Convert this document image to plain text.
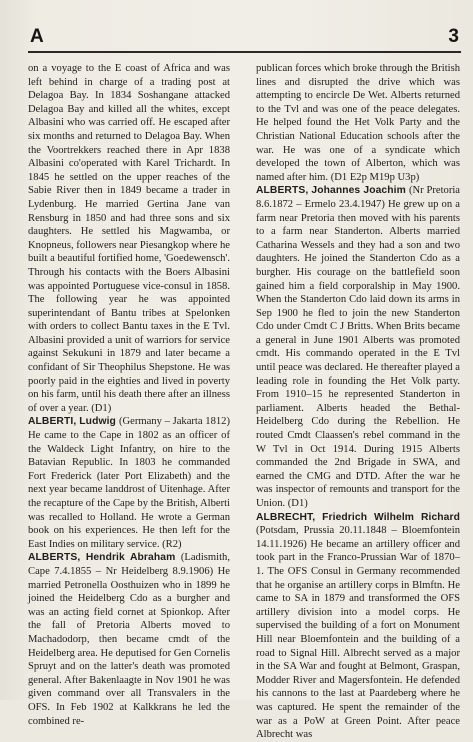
A	3

on a voyage to the E coast of Africa and was left behind in charge of a trading post at Delagoa Bay. In 1834 Soshangane attacked Delagoa Bay and killed all the whites, except Albasini who was carried off. He escaped after six months and returned to Delagoa Bay. When the Voortrekkers reached there in Apr 1838 Albasini co'operated with Karel Trichardt. In 1845 he settled on the upper reaches of the Sabie River then in 1849 became a trader in Lydenburg. He married Gertina Jane van Rensburg in 1850 and had three sons and six daughters. He settled his Magwamba, or Knopneus, followers near Piesangkop where he built a beautiful fortified home, 'Goedewensch'. Through his contacts with the Boers Albasini was appointed Portuguese vice-consul in 1858. The following year he was appointed superintendant of Bantu tribes at Spelonken with orders to collect Bantu taxes in the E Tvl. Albasini provided a unit of warriors for service against Sekukuni in 1879 and later became a confidant of Sir Theophilus Shepstone. He was poorly paid in the eighties and lived in poverty on his farm, until his death there after an illness of over a year. (D1)

ALBERTI, Ludwig (Germany – Jakarta 1812) He came to the Cape in 1802 as an officer of the Waldeck Light Infantry, on hire to the Batavian Republic. In 1803 he commanded Fort Frederick (later Port Elizabeth) and the next year became landdrost of Uitenhage. After the recapture of the Cape by the British, Alberti was recalled to Holland. He wrote a German book on his experiences. He then left for the East Indies on military service. (R2)

ALBERTS, Hendrik Abraham (Ladismith, Cape 7.4.1855 – Nr Heidelberg 8.9.1906) He married Petronella Oosthuizen who in 1899 he joined the Heidelberg Cdo as a burgher and was an acting field cornet at Spionkop. After the fall of Pretoria Alberts moved to Machadodorp, then became cmdt of the Heidelberg area. He deputised for Gen Cornelis Spruyt and on the latter's death was promoted general. After Bakenlaagte in Nov 1901 he was given command over all Transvalers in the OFS. In Feb 1902 at Kalkkrans he led the combined re-

publican forces which broke through the British lines and disrupted the drive which was attempting to encircle De Wet. Alberts returned to the Tvl and was one of the peace delegates. He helped found the Het Volk Party and the Christian National Education schools after the war. He was one of a syndicate which developed the town of Alberton, which was named after him. (D1 E2p M19p U3p)

ALBERTS, Johannes Joachim (Nr Pretoria 8.6.1872 – Ermelo 23.4.1947) He grew up on a farm near Pretoria then moved with his parents to a farm near Standerton. Alberts married Catharina Wessels and they had a son and two daughters. He joined the Standerton Cdo as a burgher. His courage on the battlefield soon gained him a field corporalship in May 1900. When the Standerton Cdo laid down its arms in Sep 1900 he fled to join the new Standerton Cdo under Cmdt C J Britts. When Brits became a general in June 1901 Alberts was promoted cmdt. His commando operated in the E Tvl until peace was declared. He thereafter played a leading role in founding the Het Volk party. From 1910–15 he represented Standerton in parliament. Alberts headed the Bethal-Heidelberg Cdo during the Rebellion. He routed Cmdt Claassen's rebel command in the W Tvl in Oct 1914. During 1915 Alberts commanded the 2nd Brigade in SWA, and earned the CMG and DTD. After the war he was inspector of remounts and transport for the Union. (D1)

ALBRECHT, Friedrich Wilhelm Richard (Potsdam, Prussia 20.11.1848 – Bloemfontein 14.11.1926) He became an artillery officer and took part in the Franco-Prussian War of 1870–1. The OFS Consul in Germany recommended that he organise an artillery corps in Blmftn. He came to SA in 1879 and transformed the OFS artillery division into a model corps. He supervised the building of a fort on Monument Hill near Bloemfontein and the building of a road to Signal Hill. Albrecht served as a major in the SA War and fought at Belmont, Graspan, Modder River and Magersfontein. He defended his cannons to the last at Paardeberg where he was captured. He spent the remainder of the war as a PoW at Green Point. After peace Albrecht was
